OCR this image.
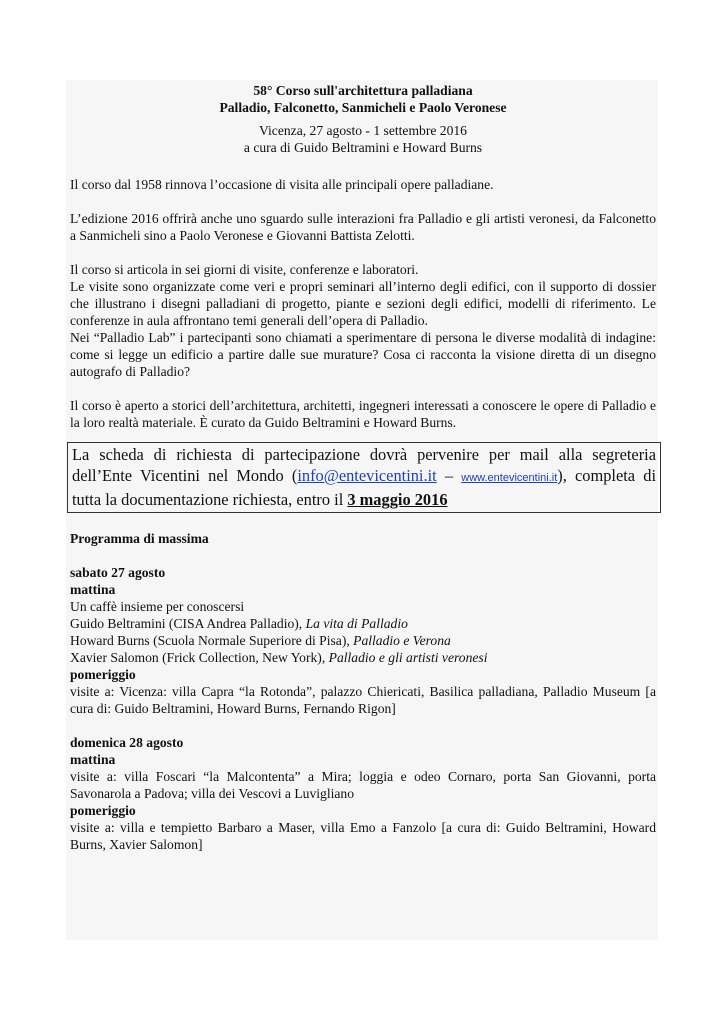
58° Corso sull'architettura palladiana
Palladio, Falconetto, Sanmicheli e Paolo Veronese
Vicenza, 27 agosto - 1 settembre 2016
a cura di Guido Beltramini e Howard Burns

Il corso dal 1958 rinnova l’occasione di visita alle principali opere palladiane.

L’edizione 2016 offrirà anche uno sguardo sulle interazioni fra Palladio e gli artisti veronesi, da Falconetto a Sanmicheli sino a Paolo Veronese e Giovanni Battista Zelotti.

Il corso si articola in sei giorni di visite, conferenze e laboratori.

Le visite sono organizzate come veri e propri seminari all’interno degli edifici, con il supporto di dossier che illustrano i disegni palladiani di progetto, piante e sezioni degli edifici, modelli di riferimento. Le conferenze in aula affrontano temi generali dell’opera di Palladio.

Nei “Palladio Lab” i partecipanti sono chiamati a sperimentare di persona le diverse modalità di indagine: come si legge un edificio a partire dalle sue murature? Cosa ci racconta la visione diretta di un disegno autografo di Palladio?

Il corso è aperto a storici dell’architettura, architetti, ingegneri interessati a conoscere le opere di Palladio e la loro realtà materiale. È curato da Guido Beltramini e Howard Burns.

La scheda di richiesta di partecipazione dovrà pervenire per mail alla segreteria dell’Ente Vicentini nel Mondo (info@entevicentini.it – www.entevicentini.it), completa di tutta la documentazione richiesta, entro il 3 maggio 2016
Programma di massima
sabato 27 agosto
mattina
Un caffè insieme per conoscersi
Guido Beltramini (CISA Andrea Palladio), La vita di Palladio
Howard Burns (Scuola Normale Superiore di Pisa), Palladio e Verona
Xavier Salomon (Frick Collection, New York), Palladio e gli artisti veronesi
pomeriggio

visite a: Vicenza: villa Capra “la Rotonda”, palazzo Chiericati, Basilica palladiana, Palladio Museum [a cura di: Guido Beltramini, Howard Burns, Fernando Rigon]

domenica 28 agosto
mattina

visite a: villa Foscari “la Malcontenta” a Mira; loggia e odeo Cornaro, porta San Giovanni, porta Savonarola a Padova; villa dei Vescovi a Luvigliano

pomeriggio

visite a: villa e tempietto Barbaro a Maser, villa Emo a Fanzolo [a cura di: Guido Beltramini, Howard Burns, Xavier Salomon]
